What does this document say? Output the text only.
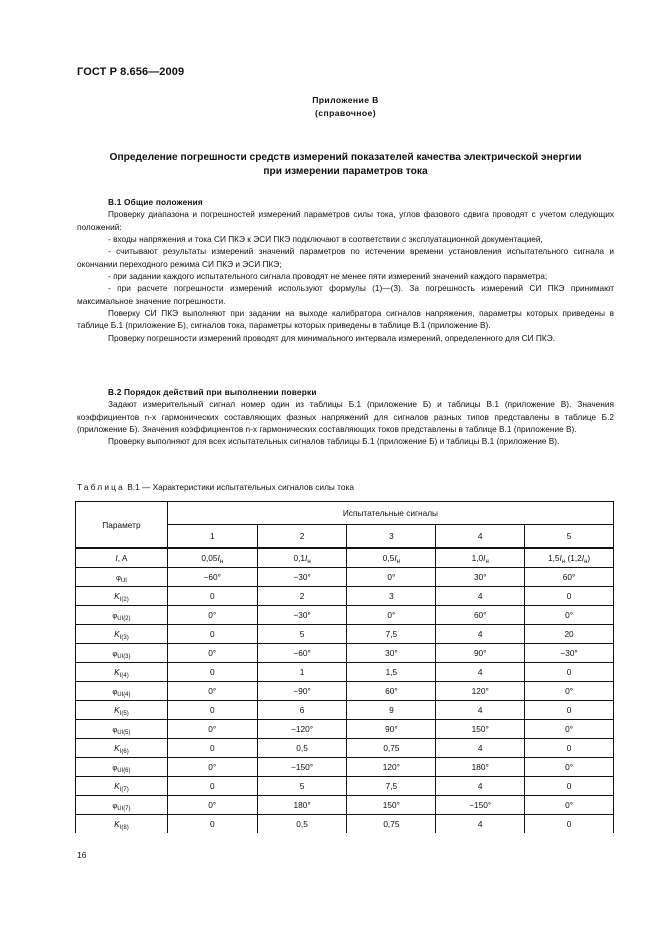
ГОСТ Р 8.656—2009
Приложение В
(справочное)
Определение погрешности средств измерений показателей качества электрической энергии
при измерении параметров тока

В.1 Общие положения

Проверку диапазона и погрешностей измерений параметров силы тока, углов фазового сдвига проводят с учетом следующих положений:

- входы напряжения и тока СИ ПКЭ к ЭСИ ПКЭ подключают в соответствии с эксплуатационной документацией,

- считывают результаты измерений значений параметров по истечении времени установления испытательного сигнала и окончании переходного режима СИ ПКЭ и ЭСИ ПКЭ;

- при задании каждого испытательного сигнала проводят не менее пяти измерений значений каждого параметра;

- при расчете погрешности измерений используют формулы (1)—(3). За погрешность измерений СИ ПКЭ принимают максимальное значение погрешности.

Поверку СИ ПКЭ выполняют при задании на выходе калибратора сигналов напряжения, параметры которых приведены в таблице Б.1 (приложение Б), сигналов тока, параметры которых приведены в таблице В.1 (приложение В).

Проверку погрешности измерений проводят для минимального интервала измерений, определенного для СИ ПКЭ.

В.2 Порядок действий при выполнении поверки

Задают измерительный сигнал номер один из таблицы Б.1 (приложение Б) и таблицы В.1 (приложение В). Значения коэффициентов n-х гармонических составляющих фазных напряжений для сигналов разных типов представлены в таблице Б.2 (приложение Б). Значения коэффициентов n-х гармонических составляющих токов представлены в таблице В.1 (приложение В).

Проверку выполняют для всех испытательных сигналов таблицы Б.1 (приложение Б) и таблицы В.1 (приложение В).

Таблица В.1 — Характеристики испытательных сигналов силы тока
Параметр	Испытательные сигналы				
	1	2	3	4	5
I, A	$0,05I_н$	$0,1I_н$	$0,5I_н$	$1,0I_н$	$1,5I_н$ $(1,2I_н)$
$\varphi_{UI}$	−60°	−30°	0°	30°	60°
$K_{I(2)}$	0	2	3	4	0
$\varphi_{UI(2)}$	0°	−30°	0°	60°	0°
$K_{I(3)}$	0	5	7,5	4	20
$\varphi_{UI(3)}$	0°	−60°	30°	90°	−30°
$K_{I(4)}$	0	1	1,5	4	0
$\varphi_{UI(4)}$	0°	−90°	60°	120°	0°
$K_{I(5)}$	0	6	9	4	0
$\varphi_{UI(5)}$	0°	−120°	90°	150°	0°
$K_{I(6)}$	0	0,5	0,75	4	0
$\varphi_{UI(6)}$	0°	−150°	120°	180°	0°
$K_{I(7)}$	0	5	7,5	4	0
$\varphi_{UI(7)}$	0°	180°	150°	−150°	0°
$K_{I(8)}$	0	0,5	0,75	4	0
16
